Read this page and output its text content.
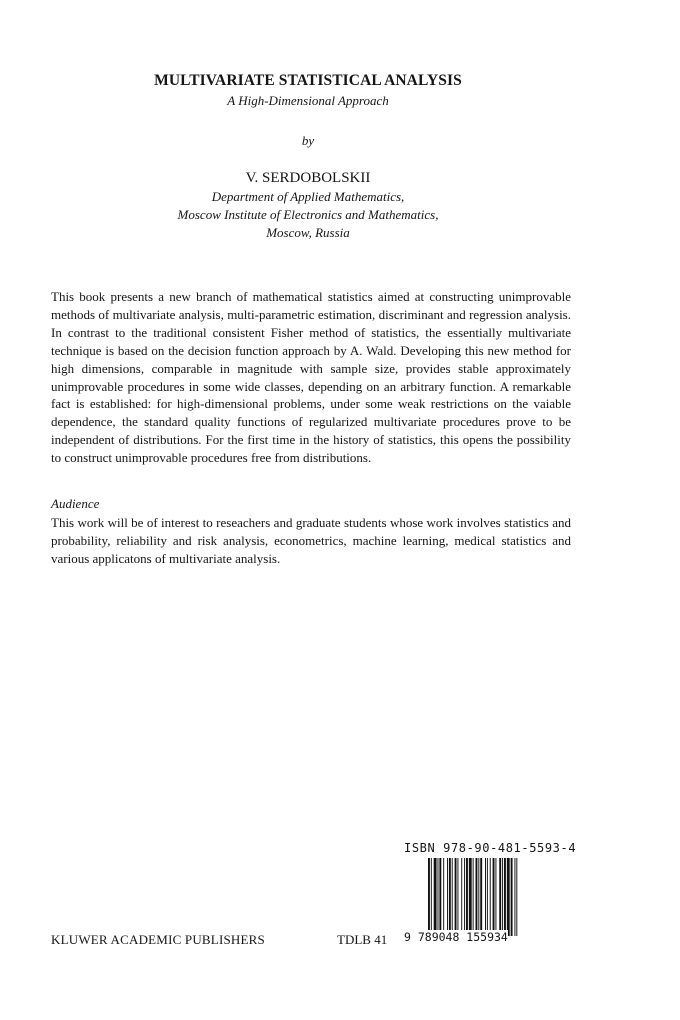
MULTIVARIATE STATISTICAL ANALYSIS
A High-Dimensional Approach
by
V. SERDOBOLSKII
Department of Applied Mathematics,
Moscow Institute of Electronics and Mathematics,
Moscow, Russia

This book presents a new branch of mathematical statistics aimed at constructing unimprovable methods of multivariate analysis, multi-parametric estimation, discriminant and regression analysis. In contrast to the traditional consistent Fisher method of statistics, the essentially multivariate technique is based on the decision function approach by A. Wald. Developing this new method for high dimensions, comparable in magnitude with sample size, provides stable approximately unimprovable procedures in some wide classes, depending on an arbitrary function. A remarkable fact is established: for high-dimensional problems, under some weak restrictions on the vaiable dependence, the standard quality functions of regularized multivariate procedures prove to be independent of distributions. For the first time in the history of statistics, this opens the possibility to construct unimprovable procedures free from distributions.

Audience

This work will be of interest to reseachers and graduate students whose work involves statistics and probability, reliability and risk analysis, econometrics, machine learning, medical statistics and various applicatons of multivariate analysis.

ISBN 978-90-481-5593-4
9 789048 155934
KLUWER ACADEMIC PUBLISHERS	TDLB 41
